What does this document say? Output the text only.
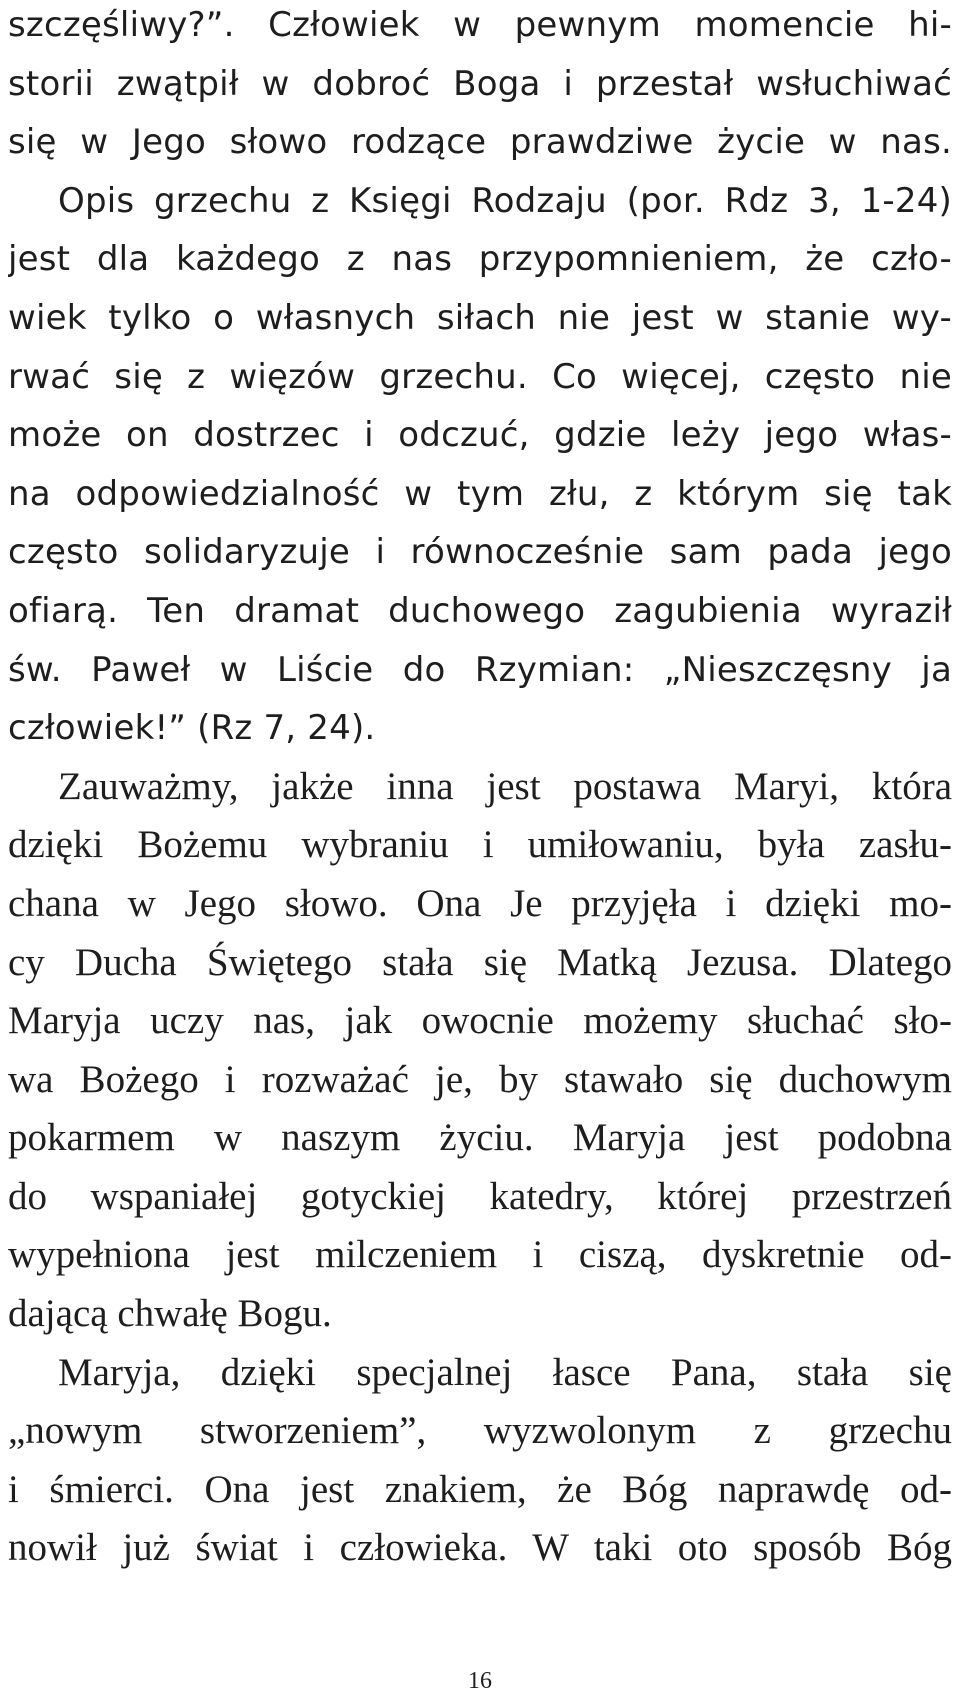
szczęśliwy?”. Człowiek w pewnym momencie hi-
storii zwątpił w dobroć Boga i przestał wsłuchiwać
się w Jego słowo rodzące prawdziwe życie w nas.
Opis grzechu z Księgi Rodzaju (por. Rdz 3, 1-24)
jest dla każdego z nas przypomnieniem, że czło-
wiek tylko o własnych siłach nie jest w stanie wy-
rwać się z więzów grzechu. Co więcej, często nie
może on dostrzec i odczuć, gdzie leży jego włas-
na odpowiedzialność w tym złu, z którym się tak
często solidaryzuje i równocześnie sam pada jego
ofiarą. Ten dramat duchowego zagubienia wyraził
św. Paweł w Liście do Rzymian: „Nieszczęsny ja
człowiek!” (Rz 7, 24).
Zauważmy, jakże inna jest postawa Maryi, która
dzięki Bożemu wybraniu i umiłowaniu, była zasłu-
chana w Jego słowo. Ona Je przyjęła i dzięki mo-
cy Ducha Świętego stała się Matką Jezusa. Dlatego
Maryja uczy nas, jak owocnie możemy słuchać sło-
wa Bożego i rozważać je, by stawało się duchowym
pokarmem w naszym życiu. Maryja jest podobna
do wspaniałej gotyckiej katedry, której przestrzeń
wypełniona jest milczeniem i ciszą, dyskretnie od-
dającą chwałę Bogu.
Maryja, dzięki specjalnej łasce Pana, stała się
„nowym stworzeniem”, wyzwolonym z grzechu
i śmierci. Ona jest znakiem, że Bóg naprawdę od-
nowił już świat i człowieka. W taki oto sposób Bóg
16
